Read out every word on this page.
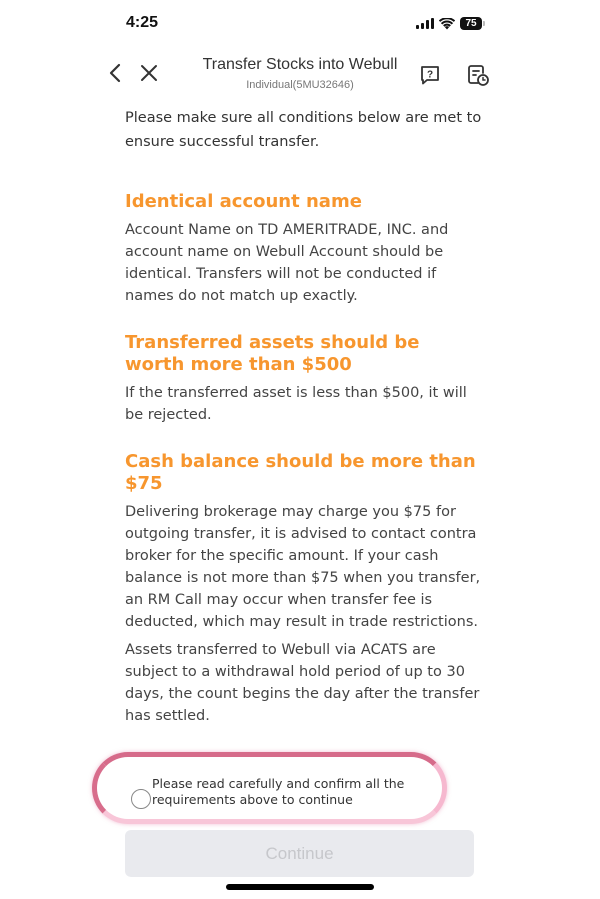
4:25	75
Transfer Stocks into Webull
Individual(5MU32646)
?

Please make sure all conditions below are met to ensure successful transfer.

Identical account name

Account Name on TD AMERITRADE, INC. and account name on Webull Account should be identical. Transfers will not be conducted if names do not match up exactly.

Transferred assets should be worth more than $500

If the transferred asset is less than $500, it will be rejected.

Cash balance should be more than $75

Delivering brokerage may charge you $75 for outgoing transfer, it is advised to contact contra broker for the specific amount. If your cash balance is not more than $75 when you transfer, an RM Call may occur when transfer fee is deducted, which may result in trade restrictions.

Assets transferred to Webull via ACATS are subject to a withdrawal hold period of up to 30 days, the count begins the day after the transfer has settled.

Please read carefully and confirm all the requirements above to continue
Continue
